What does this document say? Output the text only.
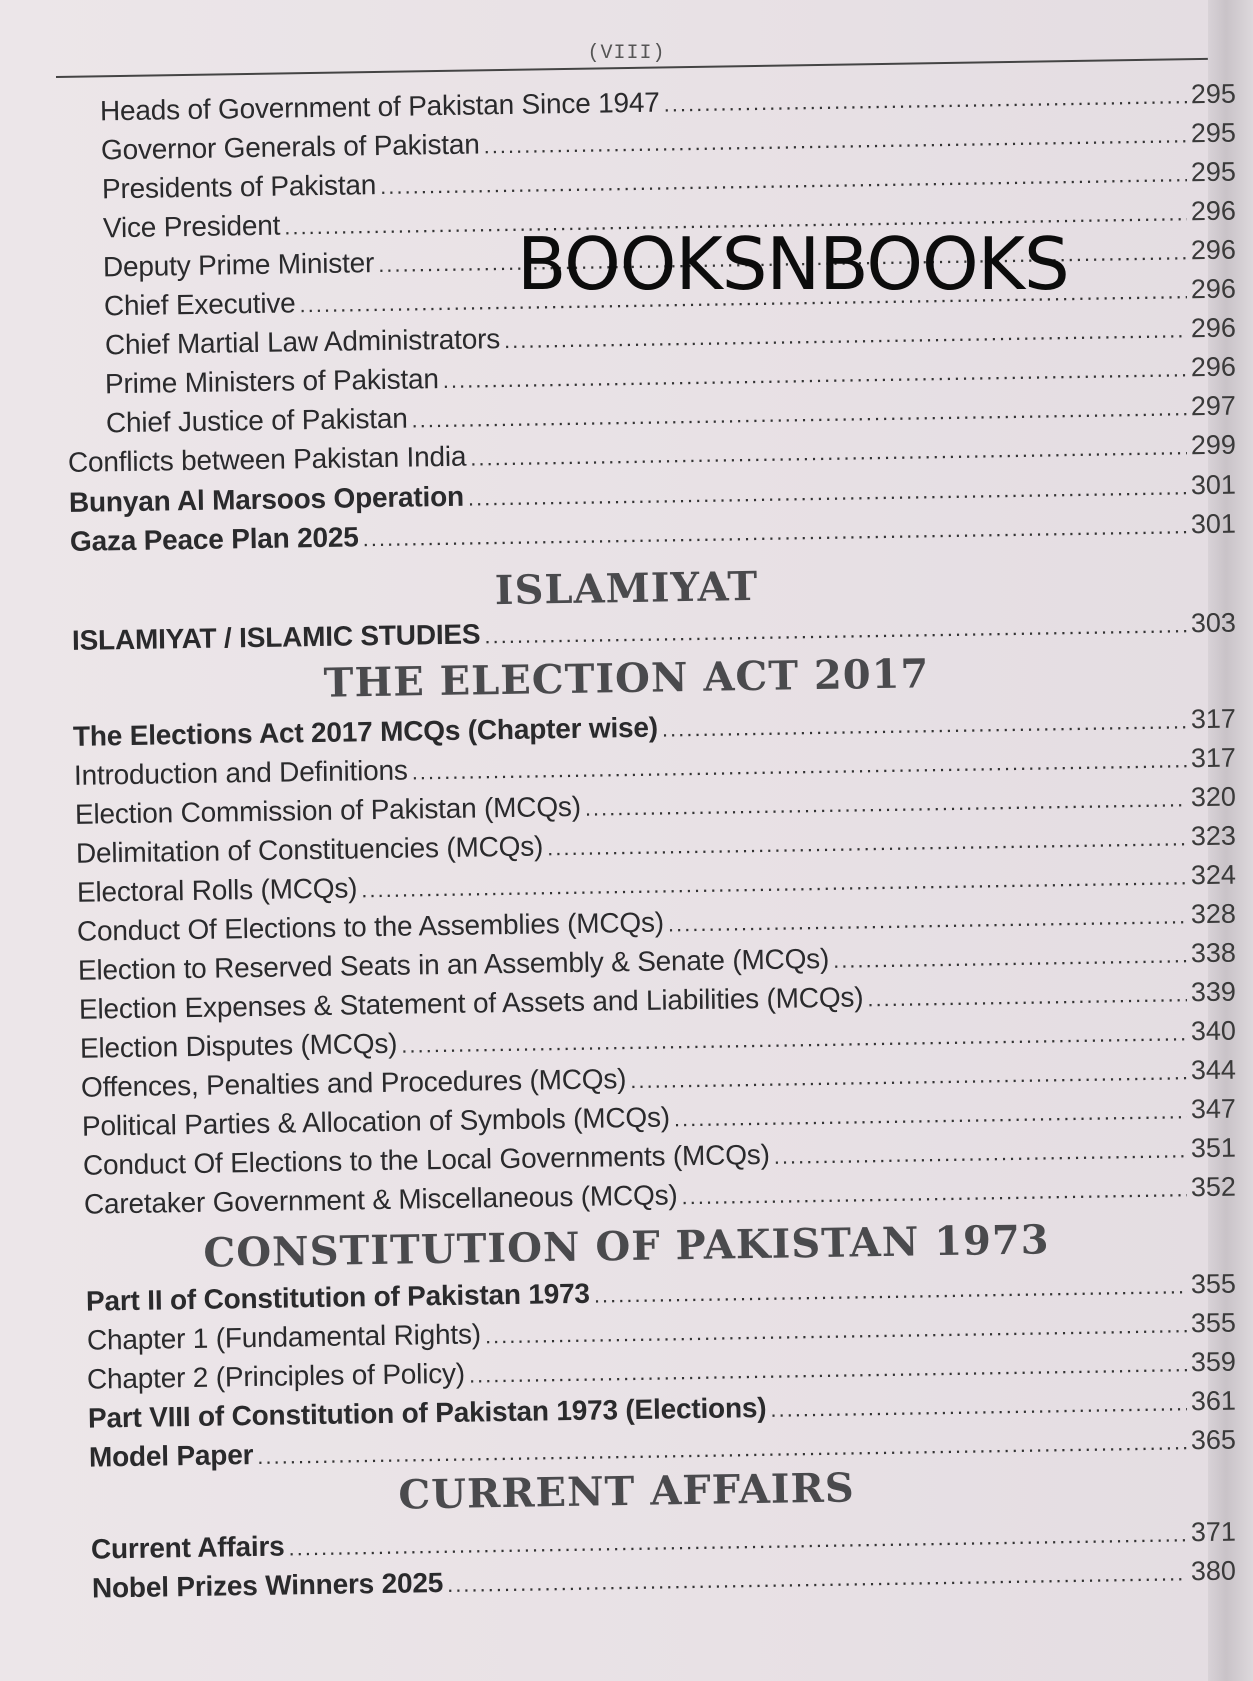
(VIII)
Heads of Government of Pakistan Since 1947 .....	295
Governor Generals of Pakistan .....	295
Presidents of Pakistan .....	295
Vice President .....	296
Deputy Prime Minister .....	296
Chief Executive .....	296
Chief Martial Law Administrators .....	296
Prime Ministers of Pakistan .....	296
Chief Justice of Pakistan .....	297
Conflicts between Pakistan India .....	299
Bunyan Al Marsoos Operation .....	301
Gaza Peace Plan 2025 .....	301
ISLAMIYAT
ISLAMIYAT / ISLAMIC STUDIES .....	303
THE ELECTION ACT 2017
The Elections Act 2017 MCQs (Chapter wise) .....	317
Introduction and Definitions .....	317
Election Commission of Pakistan (MCQs) .....	320
Delimitation of Constituencies (MCQs) .....	323
Electoral Rolls (MCQs) .....	324
Conduct Of Elections to the Assemblies (MCQs) .....	328
Election to Reserved Seats in an Assembly & Senate (MCQs) .....	338
Election Expenses & Statement of Assets and Liabilities (MCQs) .....	339
Election Disputes (MCQs) .....	340
Offences, Penalties and Procedures (MCQs) .....	344
Political Parties & Allocation of Symbols (MCQs) .....	347
Conduct Of Elections to the Local Governments (MCQs) .....	351
Caretaker Government & Miscellaneous (MCQs) .....	352
CONSTITUTION OF PAKISTAN 1973
Part II of Constitution of Pakistan 1973 .....	355
Chapter 1 (Fundamental Rights) .....	355
Chapter 2 (Principles of Policy) .....	359
Part VIII of Constitution of Pakistan 1973 (Elections) .....	361
Model Paper .....	365
CURRENT AFFAIRS
Current Affairs .....	371
Nobel Prizes Winners 2025 .....	380
BOOKSNBOOKS
